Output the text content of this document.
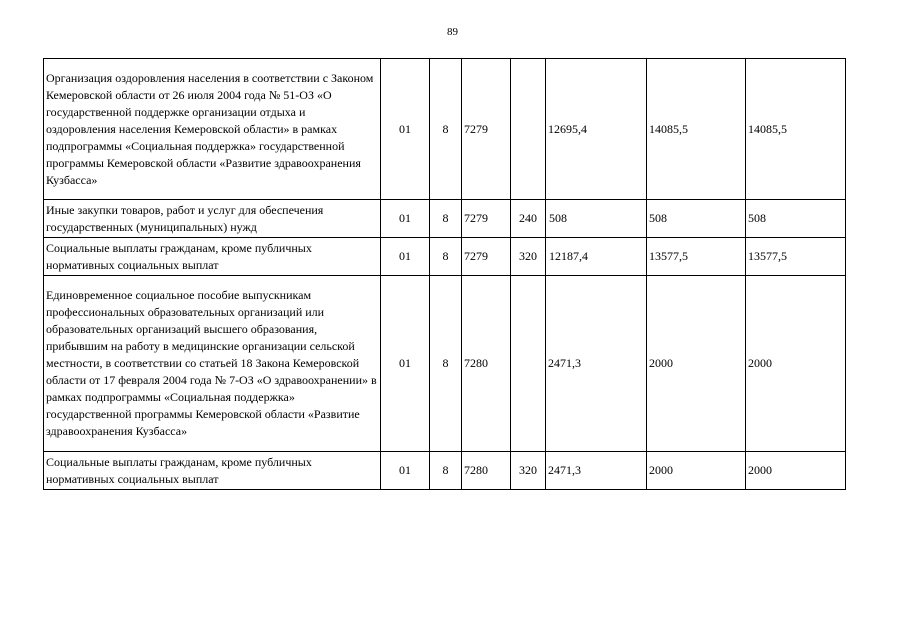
89
Организация оздоровления населения в соответствии с Законом Кемеровской области от 26 июля 2004 года № 51-ОЗ «О государственной поддержке организации отдыха и оздоровления населения Кемеровской области» в рамках подпрограммы «Социальная поддержка» государственной программы Кемеровской области «Развитие здравоохранения Кузбасса»	01	8	7279		12695,4	14085,5	14085,5
Иные закупки товаров, работ и услуг для обеспечения государственных (муниципальных) нужд	01	8	7279	240	508	508	508
Социальные выплаты гражданам, кроме публичных нормативных социальных выплат	01	8	7279	320	12187,4	13577,5	13577,5
Единовременное социальное пособие выпускникам профессиональных образовательных организаций или образовательных организаций высшего образования, прибывшим на работу в медицинские организации сельской местности, в соответствии со статьей 18 Закона Кемеровской области от 17 февраля 2004 года № 7-ОЗ «О здравоохранении» в рамках подпрограммы «Социальная поддержка» государственной программы Кемеровской области «Развитие здравоохранения Кузбасса»	01	8	7280		2471,3	2000	2000
Социальные выплаты гражданам, кроме публичных нормативных социальных выплат	01	8	7280	320	2471,3	2000	2000
